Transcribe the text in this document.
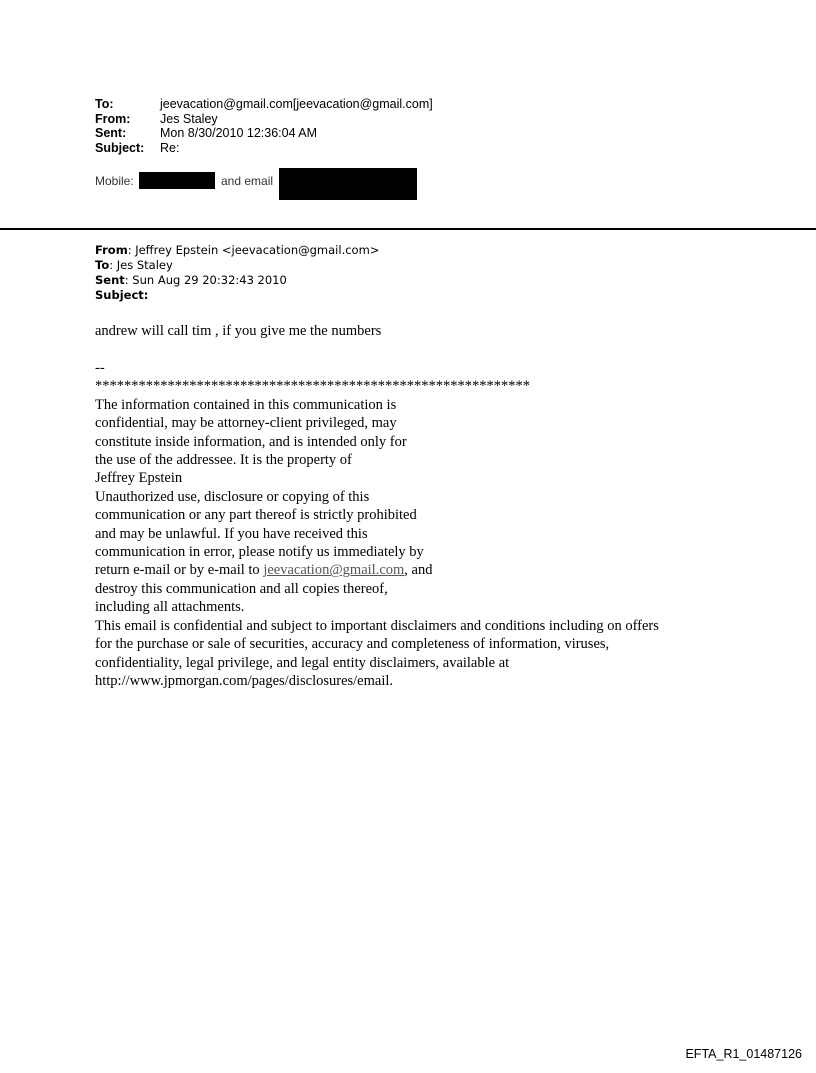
To:	jeevacation@gmail.com[jeevacation@gmail.com]
From:	Jes Staley
Sent:	Mon 8/30/2010 12:36:04 AM
Subject:	Re:
Mobile:	and email
From: Jeffrey Epstein <jeevacation@gmail.com>
To: Jes Staley
Sent: Sun Aug 29 20:32:43 2010
Subject:
andrew will call tim , if you give me the numbers
--
************************************************************
The information contained in this communication is
confidential, may be attorney-client privileged, may
constitute inside information, and is intended only for
the use of the addressee. It is the property of
Jeffrey Epstein
Unauthorized use, disclosure or copying of this
communication or any part thereof is strictly prohibited
and may be unlawful. If you have received this
communication in error, please notify us immediately by
return e-mail or by e-mail to jeevacation@gmail.com, and
destroy this communication and all copies thereof,
including all attachments.
This email is confidential and subject to important disclaimers and conditions including on offers
for the purchase or sale of securities, accuracy and completeness of information, viruses,
confidentiality, legal privilege, and legal entity disclaimers, available at
http://www.jpmorgan.com/pages/disclosures/email.
EFTA_R1_01487126
